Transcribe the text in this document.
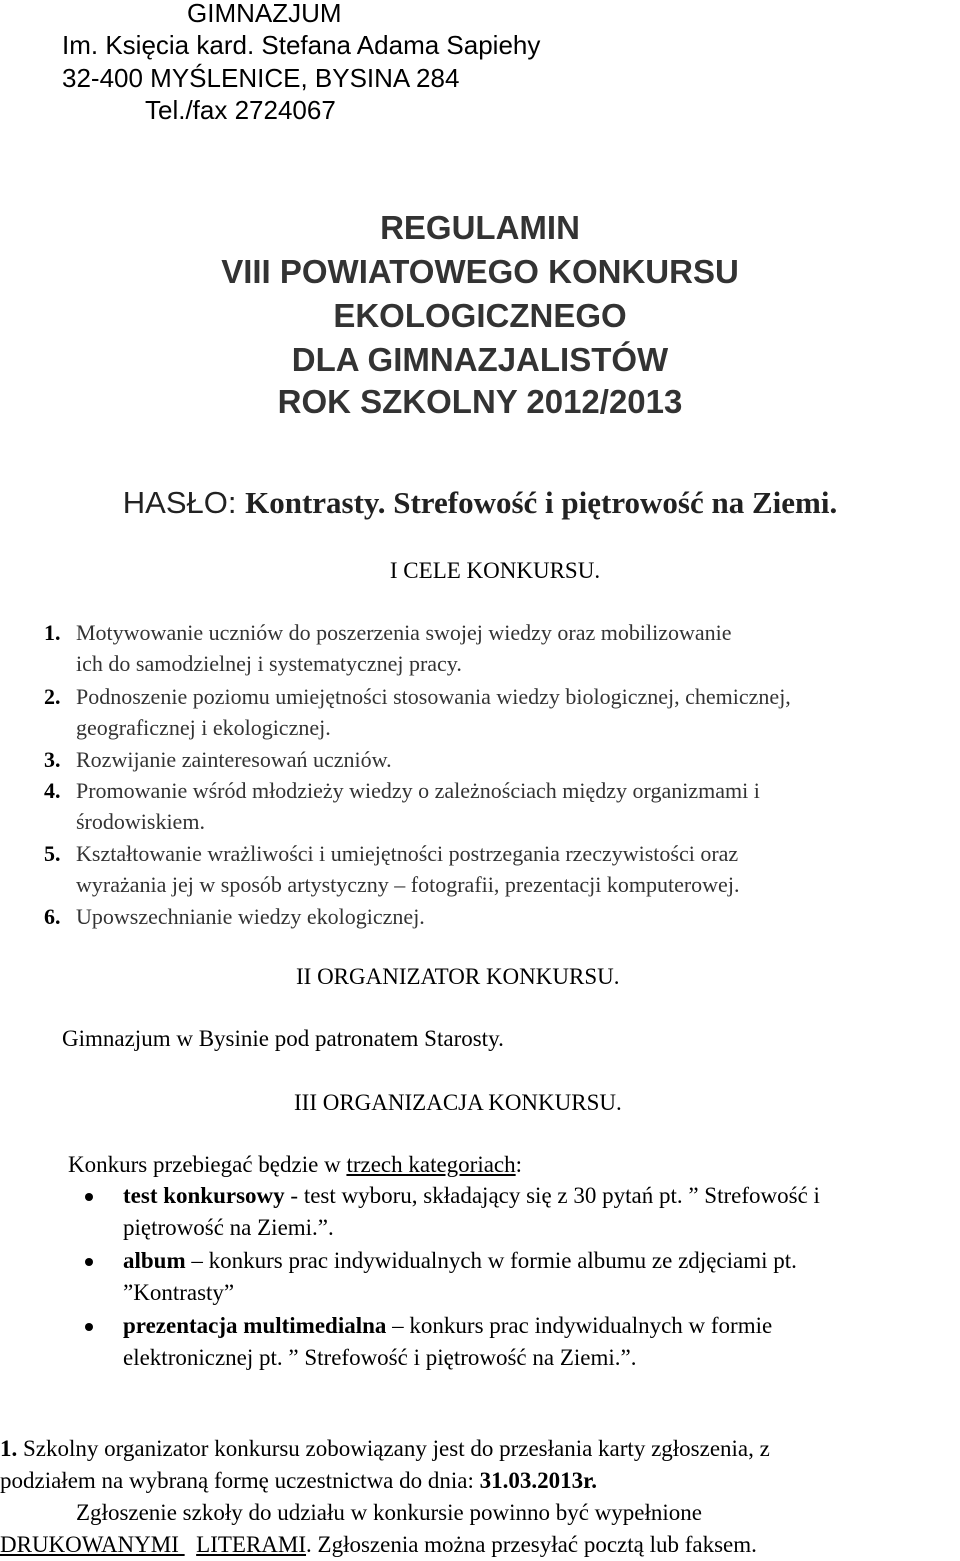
GIMNAZJUM
Im. Księcia kard. Stefana Adama Sapiehy
32-400 MYŚLENICE, BYSINA 284
Tel./fax 2724067
REGULAMIN
VIII POWIATOWEGO KONKURSU
EKOLOGICZNEGO
DLA GIMNAZJALISTÓW
ROK SZKOLNY 2012/2013
HASŁO: Kontrasty. Strefowość i piętrowość na Ziemi.
I CELE KONKURSU.
1. Motywowanie uczniów do poszerzenia swojej wiedzy oraz mobilizowanie
ich do samodzielnej i systematycznej pracy.
2. Podnoszenie poziomu umiejętności stosowania wiedzy biologicznej, chemicznej,
geograficznej i ekologicznej.
3. Rozwijanie zainteresowań uczniów.
4. Promowanie wśród młodzieży wiedzy o zależnościach między organizmami i
środowiskiem.
5. Kształtowanie wrażliwości i umiejętności postrzegania rzeczywistości oraz
wyrażania jej w sposób artystyczny – fotografii, prezentacji komputerowej.
6. Upowszechnianie wiedzy ekologicznej.
II ORGANIZATOR KONKURSU.
Gimnazjum w Bysinie pod patronatem Starosty.
III ORGANIZACJA KONKURSU.
Konkurs przebiegać będzie w trzech kategoriach:
test konkursowy - test wyboru, składający się z 30 pytań pt. ” Strefowość i
piętrowość na Ziemi.”.
album – konkurs prac indywidualnych w formie albumu ze zdjęciami pt.
”Kontrasty”
prezentacja multimedialna – konkurs prac indywidualnych w formie
elektronicznej pt. ” Strefowość i piętrowość na Ziemi.”.
1. Szkolny organizator konkursu zobowiązany jest do przesłania karty zgłoszenia, z
podziałem na wybraną formę uczestnictwa do dnia: 31.03.2013r.
Zgłoszenie szkoły do udziału w konkursie powinno być wypełnione
DRUKOWANYMI   LITERAMI. Zgłoszenia można przesyłać pocztą lub faksem.
